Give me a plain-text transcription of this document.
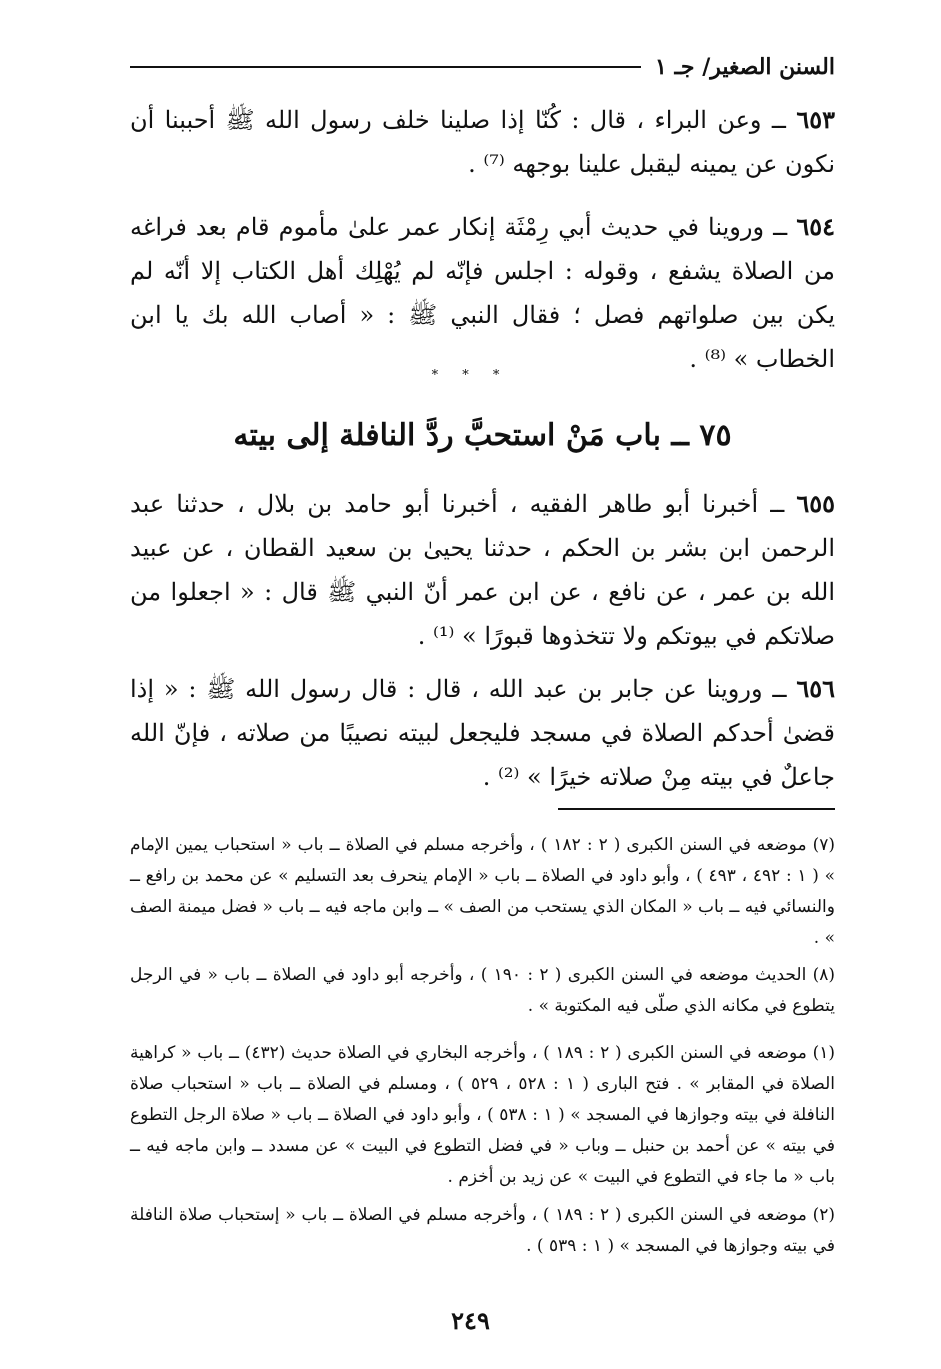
السنن الصغير/ جـ ١

٦٥٣ ــ وعن البراء ، قال : كُنّا إذا صلينا خلف رسول الله ﷺ أحببنا أن نكون عن يمينه ليقبل علينا بوجهه ⁽⁷⁾ .

٦٥٤ ــ وروينا في حديث أبي رِمْثَة إنكار عمر علىٰ مأموم قام بعد فراغه من الصلاة يشفع ، وقوله : اجلس فإنّه لم يُهْلِك أهل الكتاب إلا أنّه لم يكن بين صلواتهم فصل ؛ فقال النبي ﷺ : « أصاب الله بك يا ابن الخطاب » ⁽⁸⁾ .

* * *
٧٥ ــ باب مَنْ استحبَّ ردَّ النافلة إلى بيته

٦٥٥ ــ أخبرنا أبو طاهر الفقيه ، أخبرنا أبو حامد بن بلال ، حدثنا عبد الرحمن ابن بشر بن الحكم ، حدثنا يحيىٰ بن سعيد القطان ، عن عبيد الله بن عمر ، عن نافع ، عن ابن عمر أنّ النبي ﷺ قال : « اجعلوا من صلاتكم في بيوتكم ولا تتخذوها قبورًا » ⁽¹⁾ .

٦٥٦ ــ وروينا عن جابر بن عبد الله ، قال : قال رسول الله ﷺ : « إذا قضىٰ أحدكم الصلاة في مسجد فليجعل لبيته نصيبًا من صلاته ، فإنّ الله جاعلٌ في بيته مِنْ صلاته خيرًا » ⁽²⁾ .

(٧) موضعه في السنن الكبرى ( ٢ : ١٨٢ ) ، وأخرجه مسلم في الصلاة ــ باب « استحباب يمين الإمام » ( ١ : ٤٩٢ ، ٤٩٣ ) ، وأبو داود في الصلاة ــ باب « الإمام ينحرف بعد التسليم » عن محمد بن رافع ــ والنسائي فيه ــ باب « المكان الذي يستحب من الصف » ــ وابن ماجه فيه ــ باب « فضل ميمنة الصف » .

(٨) الحديث موضعه في السنن الكبرى ( ٢ : ١٩٠ ) ، وأخرجه أبو داود في الصلاة ــ باب « في الرجل يتطوع في مكانه الذي صلّى فيه المكتوبة » .

(١) موضعه في السنن الكبرى ( ٢ : ١٨٩ ) ، وأخرجه البخاري في الصلاة حديث (٤٣٢) ــ باب « كراهية الصلاة في المقابر » . فتح البارى ( ١ : ٥٢٨ ، ٥٢٩ ) ، ومسلم في الصلاة ــ باب « استحباب صلاة النافلة في بيته وجوازها في المسجد » ( ١ : ٥٣٨ ) ، وأبو داود في الصلاة ــ باب « صلاة الرجل التطوع في بيته » عن أحمد بن حنبل ــ وباب « في فضل التطوع في البيت » عن مسدد ــ وابن ماجه فيه ــ باب « ما جاء في التطوع في البيت » عن زيد بن أخزم .

(٢) موضعه في السنن الكبرى ( ٢ : ١٨٩ ) ، وأخرجه مسلم في الصلاة ــ باب « إستحباب صلاة النافلة في بيته وجوازها في المسجد » ( ١ : ٥٣٩ ) .

٢٤٩
